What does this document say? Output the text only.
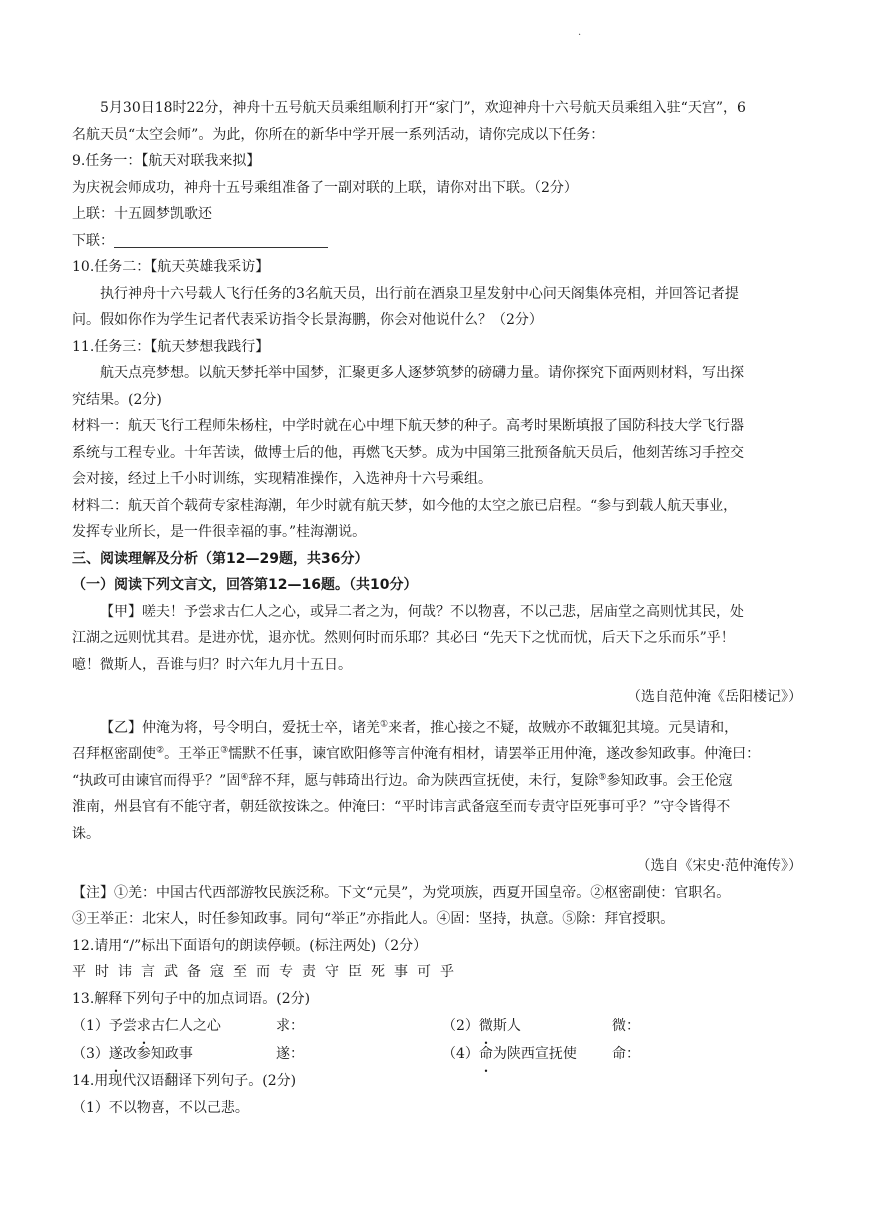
·
5月30日18时22分，神舟十五号航天员乘组顺利打开“家门”，欢迎神舟十六号航天员乘组入驻“天宫”，6
名航天员“太空会师”。为此，你所在的新华中学开展一系列活动，请你完成以下任务：
9.任务一：【航天对联我来拟】
为庆祝会师成功，神舟十五号乘组准备了一副对联的上联，请你对出下联。（2分）
上联：十五圆梦凯歌还
下联：
10.任务二：【航天英雄我采访】
执行神舟十六号载人飞行任务的3名航天员，出行前在酒泉卫星发射中心问天阁集体亮相，并回答记者提
问。假如你作为学生记者代表采访指令长景海鹏，你会对他说什么？（2分）
11.任务三：【航天梦想我践行】
航天点亮梦想。以航天梦托举中国梦，汇聚更多人逐梦筑梦的磅礴力量。请你探究下面两则材料，写出探
究结果。(2分)
材料一：航天飞行工程师朱杨柱，中学时就在心中埋下航天梦的种子。高考时果断填报了国防科技大学飞行器
系统与工程专业。十年苦读，做博士后的他，再燃飞天梦。成为中国第三批预备航天员后，他刻苦练习手控交
会对接，经过上千小时训练，实现精准操作，入选神舟十六号乘组。
材料二：航天首个载荷专家桂海潮，年少时就有航天梦，如今他的太空之旅已启程。“参与到载人航天事业，
发挥专业所长，是一件很幸福的事。”桂海潮说。
三、阅读理解及分析（第12—29题，共36分）
（一）阅读下列文言文，回答第12—16题。（共10分）
【甲】嗟夫！予尝求古仁人之心，或异二者之为，何哉？不以物喜，不以己悲，居庙堂之高则忧其民，处
江湖之远则忧其君。是进亦忧，退亦忧。然则何时而乐耶？其必曰 “先天下之忧而忧，后天下之乐而乐”乎！
噫！微斯人，吾谁与归？时六年九月十五日。
（选自范仲淹《岳阳楼记》）
【乙】仲淹为将，号令明白，爱抚士卒，诸羌①来者，推心接之不疑，故贼亦不敢辄犯其境。元昊请和，
召拜枢密副使②。王举正③懦默不任事，谏官欧阳修等言仲淹有相材，请罢举正用仲淹，遂改参知政事。仲淹曰：
“执政可由谏官而得乎？”固④辞不拜，愿与韩琦出行边。命为陕西宣抚使，未行，复除⑤参知政事。会王伦寇
淮南，州县官有不能守者，朝廷欲按诛之。仲淹曰：“平时讳言武备寇至而专责守臣死事可乎？”守令皆得不
诛。
（选自《宋史·范仲淹传》）
【注】①羌：中国古代西部游牧民族泛称。下文“元昊”，为党项族，西夏开国皇帝。②枢密副使：官职名。
③王举正：北宋人，时任参知政事。同句“举正”亦指此人。④固：坚持，执意。⑤除：拜官授职。
12.请用“/”标出下面语句的朗读停顿。(标注两处)（2分）
平时讳言武备寇至而专责守臣死事可乎
13.解释下列句子中的加点词语。(2分)
（1）予尝求古仁人之心	求：	（2）微斯人	微：
（3）遂改参知政事	遂：	（4）命为陕西宣抚使	命：
14.用现代汉语翻译下列句子。(2分)
（1）不以物喜，不以己悲。
